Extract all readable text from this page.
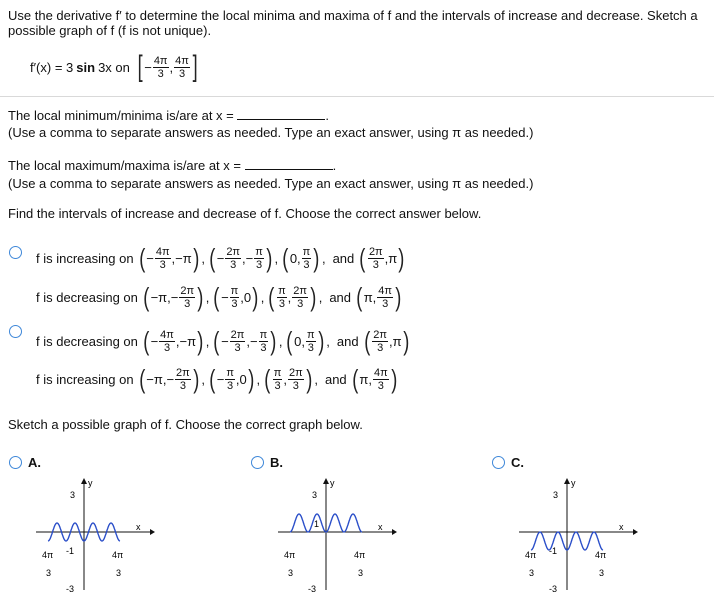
Use the derivative f′ to determine the local minima and maxima of f and the intervals of increase and decrease. Sketch a
possible graph of f (f is not unique).
f′(x) = 3 sin 3x on [ − $\frac{4\pi}{3}$ , $\frac{4\pi}{3}$ ]
The local minimum/minima is/are at x =	.
(Use a comma to separate answers as needed. Type an exact answer, using π as needed.)
The local maximum/maxima is/are at x =	.
(Use a comma to separate answers as needed. Type an exact answer, using π as needed.)
Find the intervals of increase and decrease of f. Choose the correct answer below.
f is increasing on ( − $\frac{4\pi}{3}$ , − π ) , ( − $\frac{2\pi}{3}$ , − $\frac{\pi}{3}$ ) , ( 0 , $\frac{\pi}{3}$ ) , and ( $\frac{2\pi}{3}$ , π )
f is decreasing on ( − π , − $\frac{2\pi}{3}$ ) , ( − $\frac{\pi}{3}$ , 0 ) , ( $\frac{\pi}{3}$ , $\frac{2\pi}{3}$ ) , and ( π , $\frac{4\pi}{3}$ )
f is decreasing on ( − $\frac{4\pi}{3}$ , − π ) , ( − $\frac{2\pi}{3}$ , − $\frac{\pi}{3}$ ) , ( 0 , $\frac{\pi}{3}$ ) , and ( $\frac{2\pi}{3}$ , π )
f is increasing on ( − π , − $\frac{2\pi}{3}$ ) , ( − $\frac{\pi}{3}$ , 0 ) , ( $\frac{\pi}{3}$ , $\frac{2\pi}{3}$ ) , and ( π , $\frac{4\pi}{3}$ )
Sketch a possible graph of f. Choose the correct graph below.
A.	B.	C.
y
x
3
-3
-1
4π
3
4π
3
y
x
3
1
-3
4π
3
4π
3
y
x
3
-3
-1
4π
3
4π
3
